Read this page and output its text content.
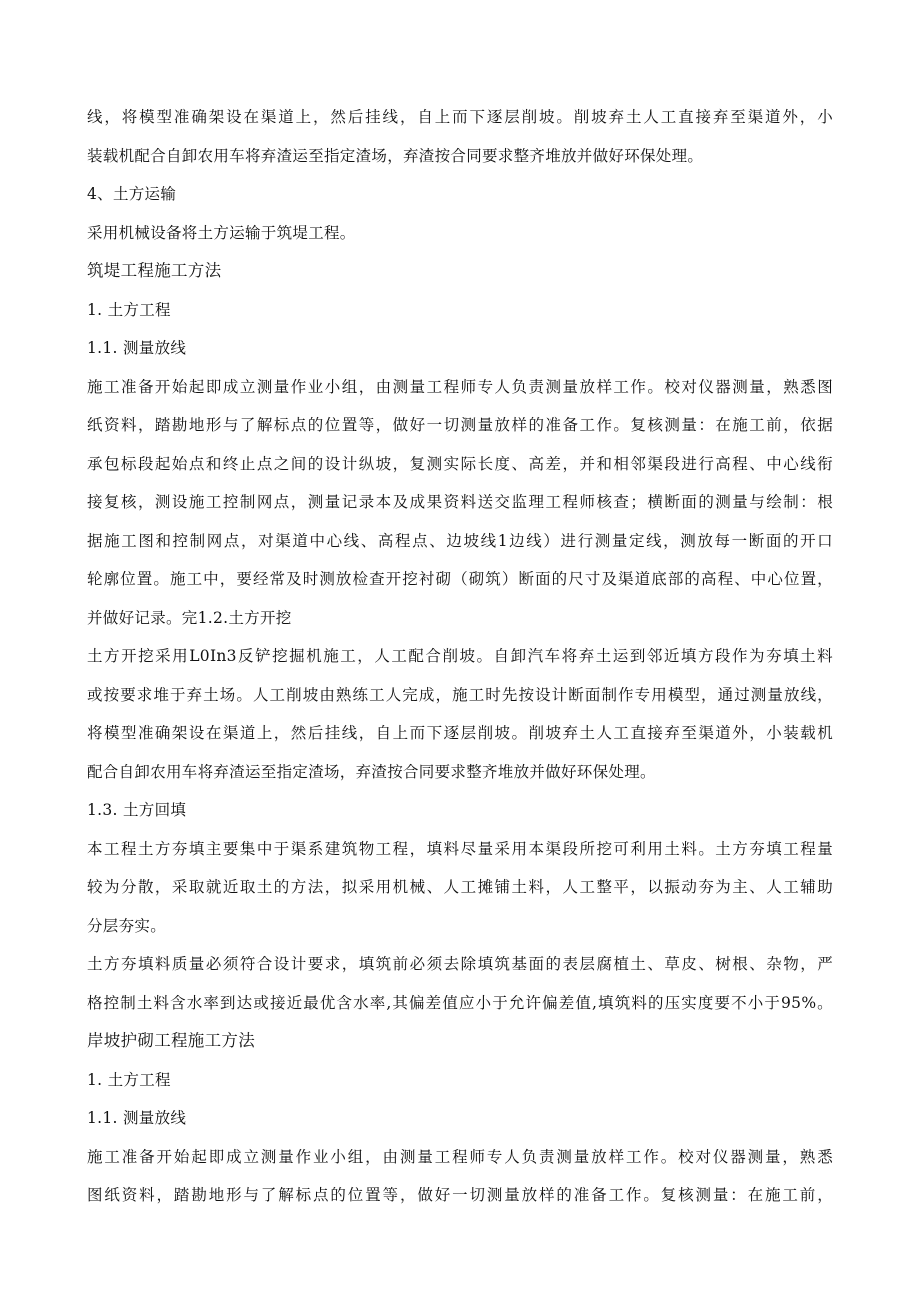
线，将模型准确架设在渠道上，然后挂线，自上而下逐层削坡。削坡弃土人工直接弃至渠道外，小
装载机配合自卸农用车将弃渣运至指定渣场，弃渣按合同要求整齐堆放并做好环保处理。
4、土方运输
采用机械设备将土方运输于筑堤工程。
筑堤工程施工方法
1. 土方工程
1.1. 测量放线
施工准备开始起即成立测量作业小组，由测量工程师专人负责测量放样工作。校对仪器测量，熟悉图
纸资料，踏勘地形与了解标点的位置等，做好一切测量放样的准备工作。复核测量：在施工前，依据
承包标段起始点和终止点之间的设计纵坡，复测实际长度、高差，并和相邻渠段进行高程、中心线衔
接复核，测设施工控制网点，测量记录本及成果资料送交监理工程师核查；横断面的测量与绘制：根
据施工图和控制网点，对渠道中心线、高程点、边坡线1边线）进行测量定线，测放每一断面的开口
轮廓位置。施工中，要经常及时测放检查开挖衬砌（砌筑）断面的尺寸及渠道底部的高程、中心位置，
并做好记录。完1.2.土方开挖
土方开挖采用L0In3反铲挖掘机施工，人工配合削坡。自卸汽车将弃土运到邻近填方段作为夯填土料
或按要求堆于弃土场。人工削坡由熟练工人完成，施工时先按设计断面制作专用模型，通过测量放线，
将模型准确架设在渠道上，然后挂线，自上而下逐层削坡。削坡弃土人工直接弃至渠道外，小装载机
配合自卸农用车将弃渣运至指定渣场，弃渣按合同要求整齐堆放并做好环保处理。
1.3. 土方回填
本工程土方夯填主要集中于渠系建筑物工程，填料尽量采用本渠段所挖可利用土料。土方夯填工程量
较为分散，采取就近取土的方法，拟采用机械、人工摊铺土料，人工整平，以振动夯为主、人工辅助
分层夯实。
土方夯填料质量必须符合设计要求，填筑前必须去除填筑基面的表层腐植土、草皮、树根、杂物，严
格控制土料含水率到达或接近最优含水率,其偏差值应小于允许偏差值,填筑料的压实度要不小于95%。
岸坡护砌工程施工方法
1. 土方工程
1.1. 测量放线
施工准备开始起即成立测量作业小组，由测量工程师专人负责测量放样工作。校对仪器测量，熟悉
图纸资料，踏勘地形与了解标点的位置等，做好一切测量放样的准备工作。复核测量：在施工前，
